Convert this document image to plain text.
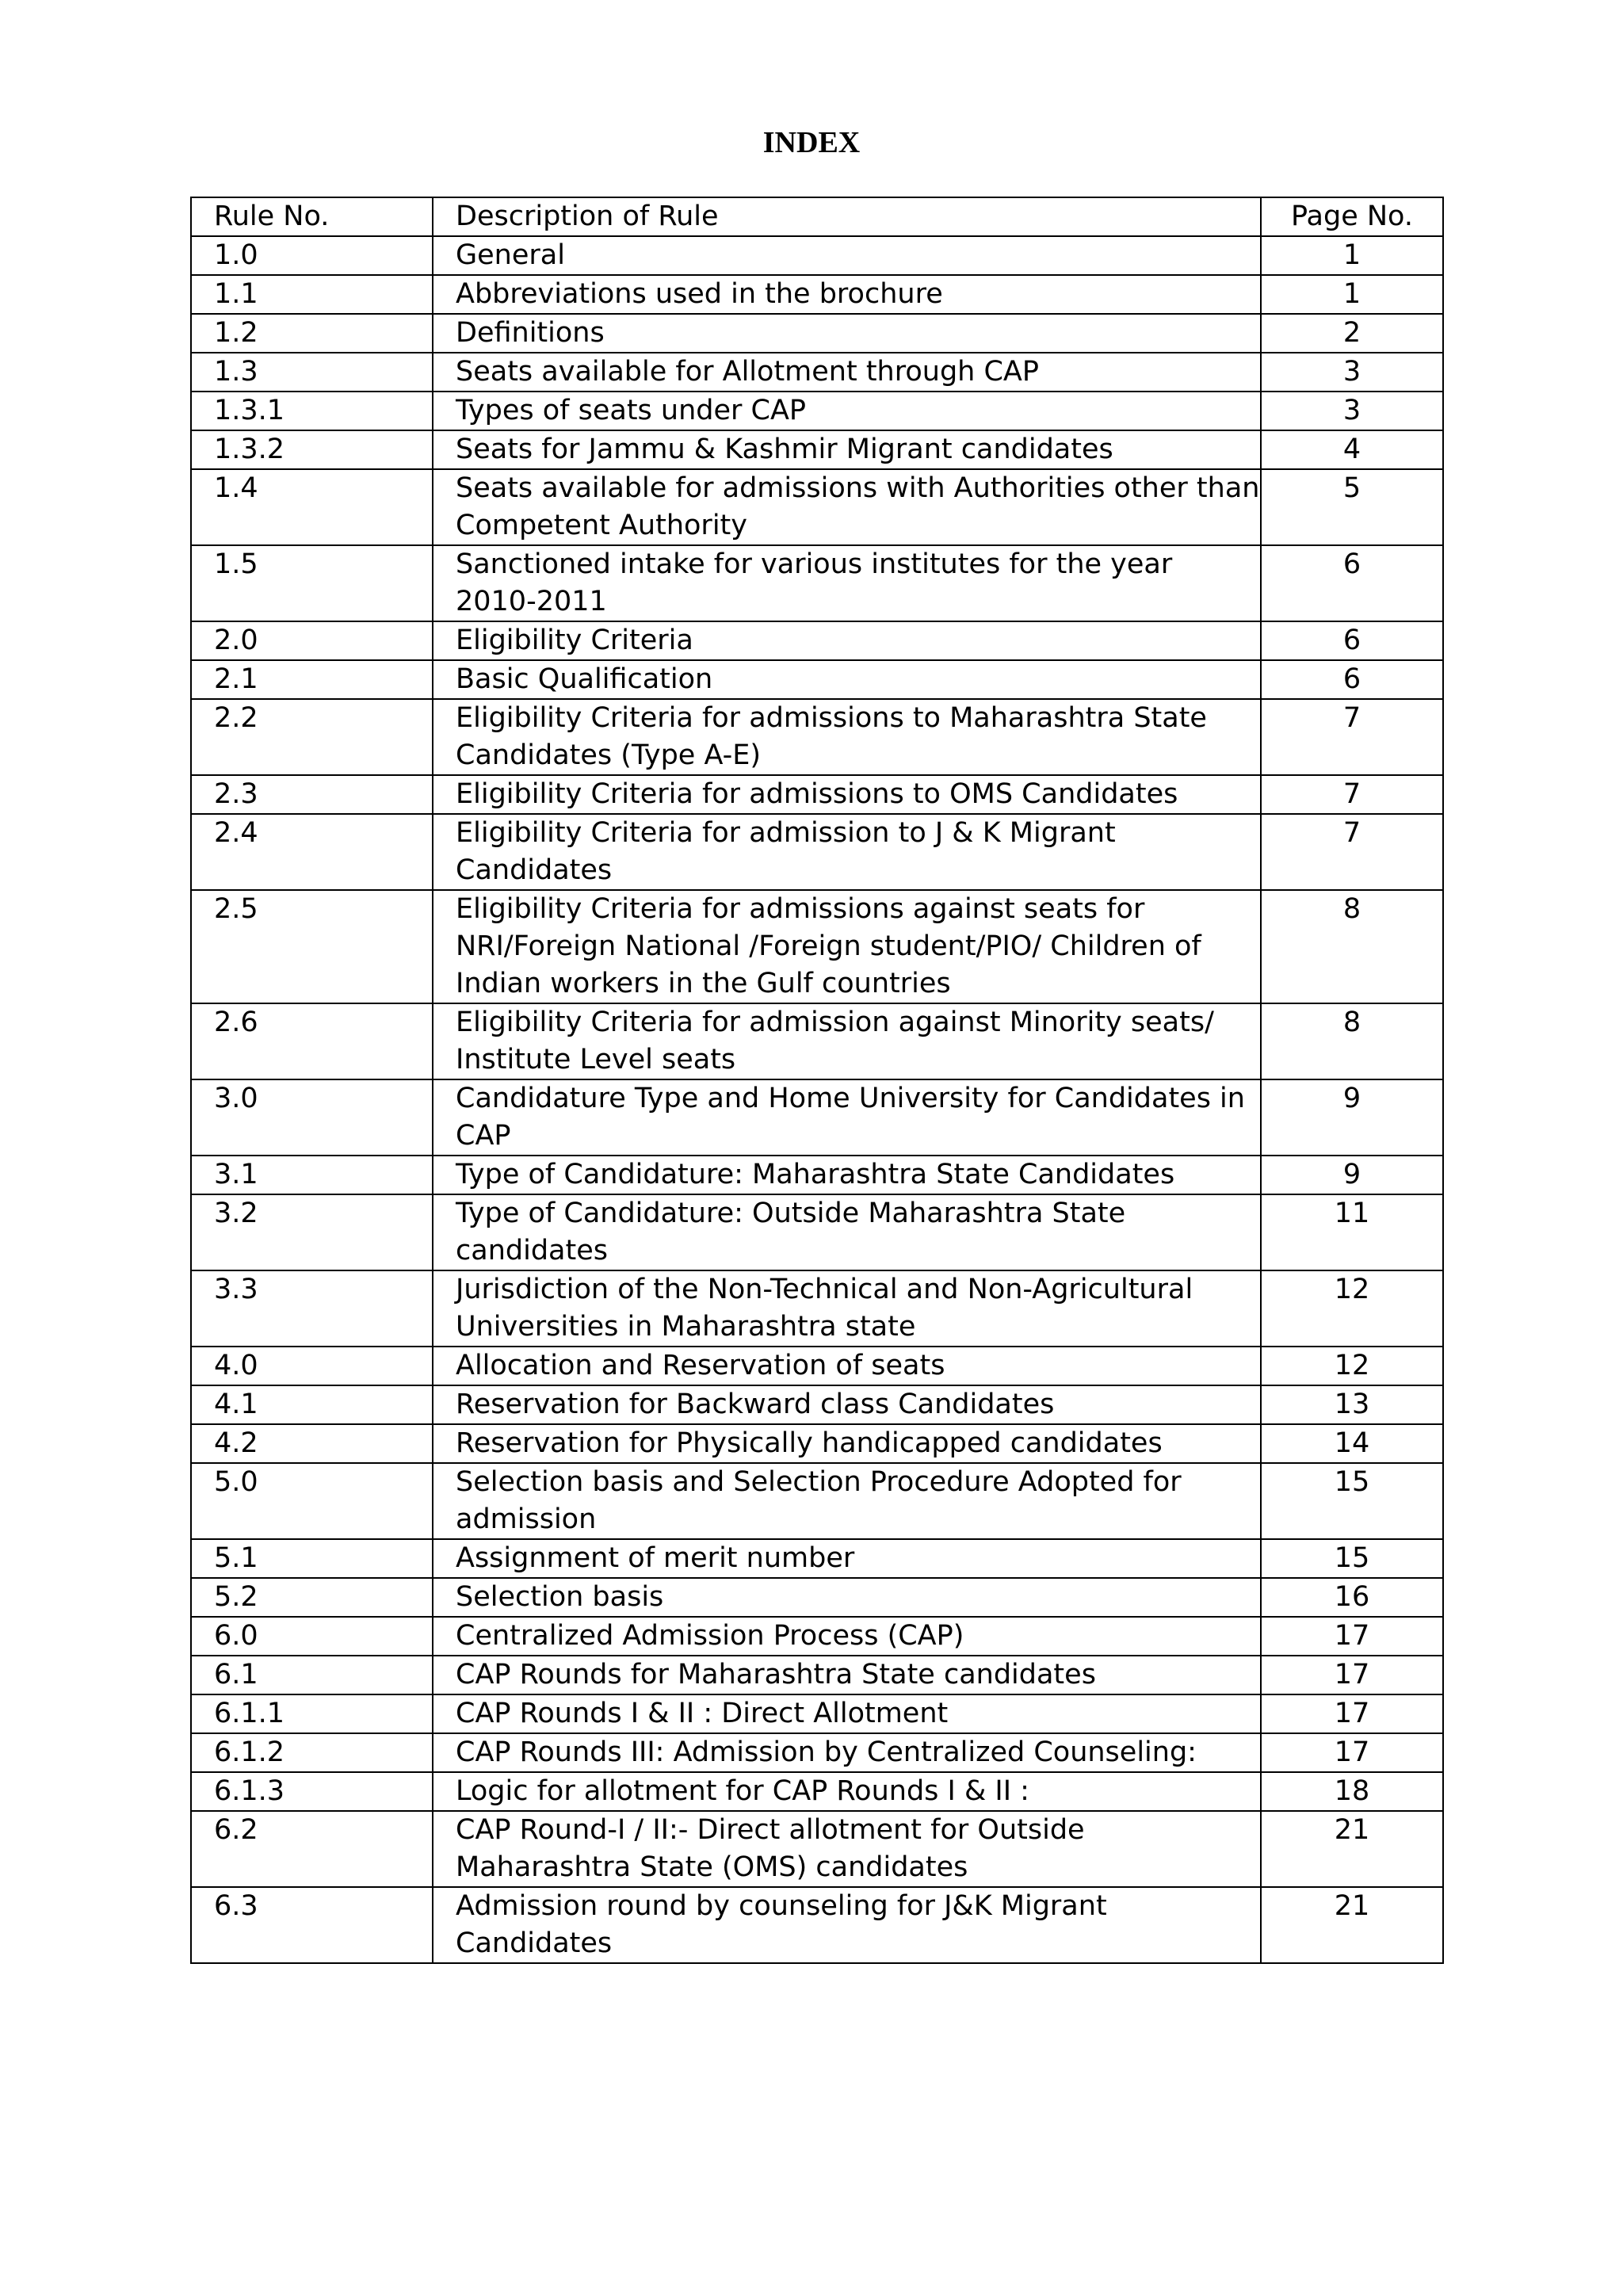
INDEX
Rule No.	Description of Rule	Page No.
1.0	General	1
1.1	Abbreviations used in the brochure	1
1.2	Definitions	2
1.3	Seats available for Allotment through CAP	3
1.3.1	Types of seats under CAP	3
1.3.2	Seats for Jammu & Kashmir Migrant candidates	4
1.4	Seats available for admissions with Authorities other than Competent Authority	5
1.5	Sanctioned intake for various institutes for the year 2010-2011	6
2.0	Eligibility Criteria	6
2.1	Basic Qualification	6
2.2	Eligibility Criteria for admissions to Maharashtra State Candidates (Type A-E)	7
2.3	Eligibility Criteria for admissions to OMS Candidates	7
2.4	Eligibility Criteria for admission to J & K Migrant Candidates	7
2.5	Eligibility Criteria for admissions against seats for NRI/Foreign National /Foreign student/PIO/ Children of Indian workers in the Gulf countries	8
2.6	Eligibility Criteria for admission against Minority seats/ Institute Level seats	8
3.0	Candidature Type and Home University for Candidates in CAP	9
3.1	Type of Candidature: Maharashtra State Candidates	9
3.2	Type of Candidature: Outside Maharashtra State candidates	11
3.3	Jurisdiction of the Non-Technical and Non-Agricultural Universities in Maharashtra state	12
4.0	Allocation and Reservation of seats	12
4.1	Reservation for Backward class Candidates	13
4.2	Reservation for Physically handicapped candidates	14
5.0	Selection basis and Selection Procedure Adopted for admission	15
5.1	Assignment of merit number	15
5.2	Selection basis	16
6.0	Centralized Admission Process (CAP)	17
6.1	CAP Rounds for Maharashtra State candidates	17
6.1.1	CAP Rounds I & II : Direct Allotment	17
6.1.2	CAP Rounds III: Admission by Centralized Counseling:	17
6.1.3	Logic for allotment for CAP Rounds I & II :	18
6.2	CAP Round-I / II:- Direct allotment for Outside Maharashtra State (OMS) candidates	21
6.3	Admission round by counseling for J&K Migrant Candidates	21
